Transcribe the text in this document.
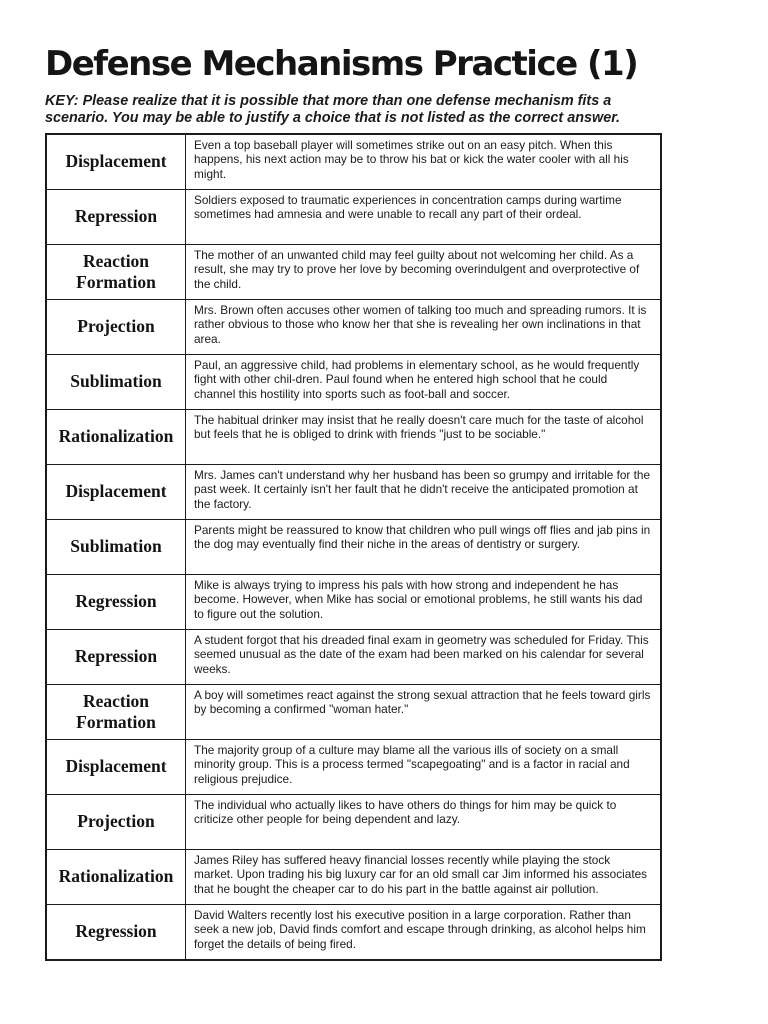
Defense Mechanisms Practice (1)

KEY: Please realize that it is possible that more than one defense mechanism fits a scenario. You may be able to justify a choice that is not listed as the correct answer.

Displacement	Even a top baseball player will sometimes strike out on an easy pitch. When this happens, his next action may be to throw his bat or kick the water cooler with all his might.
Repression	Soldiers exposed to traumatic experiences in concentration camps during wartime sometimes had amnesia and were unable to recall any part of their ordeal.
Reaction Formation	The mother of an unwanted child may feel guilty about not welcoming her child. As a result, she may try to prove her love by becoming overindulgent and overprotective of the child.
Projection	Mrs. Brown often accuses other women of talking too much and spreading rumors. It is rather obvious to those who know her that she is revealing her own inclinations in that area.
Sublimation	Paul, an aggressive child, had problems in elementary school, as he would frequently fight with other chil-dren. Paul found when he entered high school that he could channel this hostility into sports such as foot-ball and soccer.
Rationalization	The habitual drinker may insist that he really doesn't care much for the taste of alcohol but feels that he is obliged to drink with friends "just to be sociable."
Displacement	Mrs. James can't understand why her husband has been so grumpy and irritable for the past week. It certainly isn't her fault that he didn't receive the anticipated promotion at the factory.
Sublimation	Parents might be reassured to know that children who pull wings off flies and jab pins in the dog may eventually find their niche in the areas of dentistry or surgery.
Regression	Mike is always trying to impress his pals with how strong and independent he has become. However, when Mike has social or emotional problems, he still wants his dad to figure out the solution.
Repression	A student forgot that his dreaded final exam in geometry was scheduled for Friday. This seemed unusual as the date of the exam had been marked on his calendar for several weeks.
Reaction Formation	A boy will sometimes react against the strong sexual attraction that he feels toward girls by becoming a confirmed "woman hater."
Displacement	The majority group of a culture may blame all the various ills of society on a small minority group. This is a process termed "scapegoating" and is a factor in racial and religious prejudice.
Projection	The individual who actually likes to have others do things for him may be quick to criticize other people for being dependent and lazy.
Rationalization	James Riley has suffered heavy financial losses recently while playing the stock market. Upon trading his big luxury car for an old small car Jim informed his associates that he bought the cheaper car to do his part in the battle against air pollution.
Regression	David Walters recently lost his executive position in a large corporation. Rather than seek a new job, David finds comfort and escape through drinking, as alcohol helps him forget the details of being fired.
